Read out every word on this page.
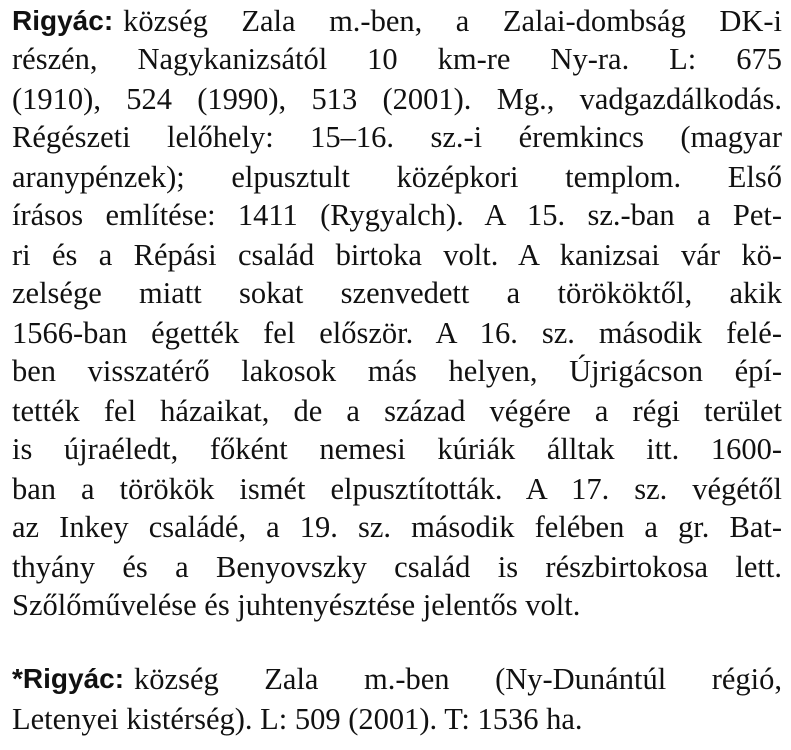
Rigyác: község Zala m.-ben, a Zalai-dombság DK-i
részén, Nagykanizsától 10 km-re Ny-ra. L: 675
(1910), 524 (1990), 513 (2001). Mg., vadgazdálkodás.
Régészeti lelőhely: 15–16. sz.-i éremkincs (magyar
aranypénzek); elpusztult középkori templom. Első
írásos említése: 1411 (Rygyalch). A 15. sz.-ban a Pet-
ri és a Répási család birtoka volt. A kanizsai vár kö-
zelsége miatt sokat szenvedett a törököktől, akik
1566-ban égették fel először. A 16. sz. második felé-
ben visszatérő lakosok más helyen, Újrigácson épí-
tették fel házaikat, de a század végére a régi terület
is újraéledt, főként nemesi kúriák álltak itt. 1600-
ban a törökök ismét elpusztították. A 17. sz. végétől
az Inkey családé, a 19. sz. második felében a gr. Bat-
thyány és a Benyovszky család is részbirtokosa lett.
Szőlőművelése és juhtenyésztése jelentős volt.
*Rigyác: község Zala m.-ben (Ny-Dunántúl régió,
Letenyei kistérség). L: 509 (2001). T: 1536 ha.
